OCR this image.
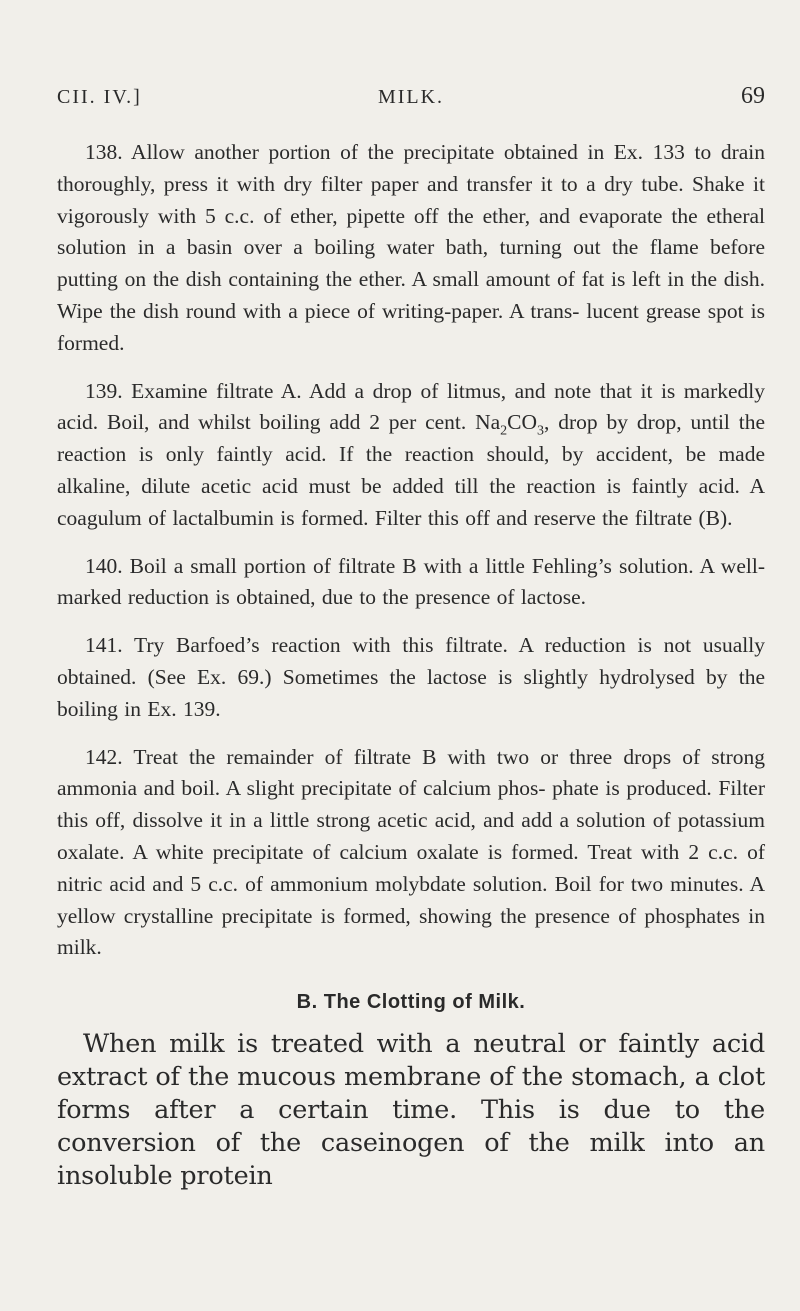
CII. IV.]	MILK.	69

138. Allow another portion of the precipitate obtained in Ex. 133 to drain thoroughly, press it with dry filter paper and transfer it to a dry tube. Shake it vigorously with 5 c.c. of ether, pipette off the ether, and evaporate the etheral solution in a basin over a boiling water bath, turning out the flame before putting on the dish containing the ether. A small amount of fat is left in the dish. Wipe the dish round with a piece of writing-paper. A trans- lucent grease spot is formed.

139. Examine filtrate A. Add a drop of litmus, and note that it is markedly acid. Boil, and whilst boiling add 2 per cent. $Na_2CO_3$, drop by drop, until the reaction is only faintly acid. If the reaction should, by accident, be made alkaline, dilute acetic acid must be added till the reaction is faintly acid. A coagulum of lactalbumin is formed. Filter this off and reserve the filtrate (B).

140. Boil a small portion of filtrate B with a little Fehling’s solution. A well-marked reduction is obtained, due to the presence of lactose.

141. Try Barfoed’s reaction with this filtrate. A reduction is not usually obtained. (See Ex. 69.) Sometimes the lactose is slightly hydrolysed by the boiling in Ex. 139.

142. Treat the remainder of filtrate B with two or three drops of strong ammonia and boil. A slight precipitate of calcium phos- phate is produced. Filter this off, dissolve it in a little strong acetic acid, and add a solution of potassium oxalate. A white precipitate of calcium oxalate is formed. Treat with 2 c.c. of nitric acid and 5 c.c. of ammonium molybdate solution. Boil for two minutes. A yellow crystalline precipitate is formed, showing the presence of phosphates in milk.

B. The Clotting of Milk.

When milk is treated with a neutral or faintly acid extract of the mucous membrane of the stomach, a clot forms after a certain time. This is due to the conversion of the caseinogen of the milk into an insoluble protein
